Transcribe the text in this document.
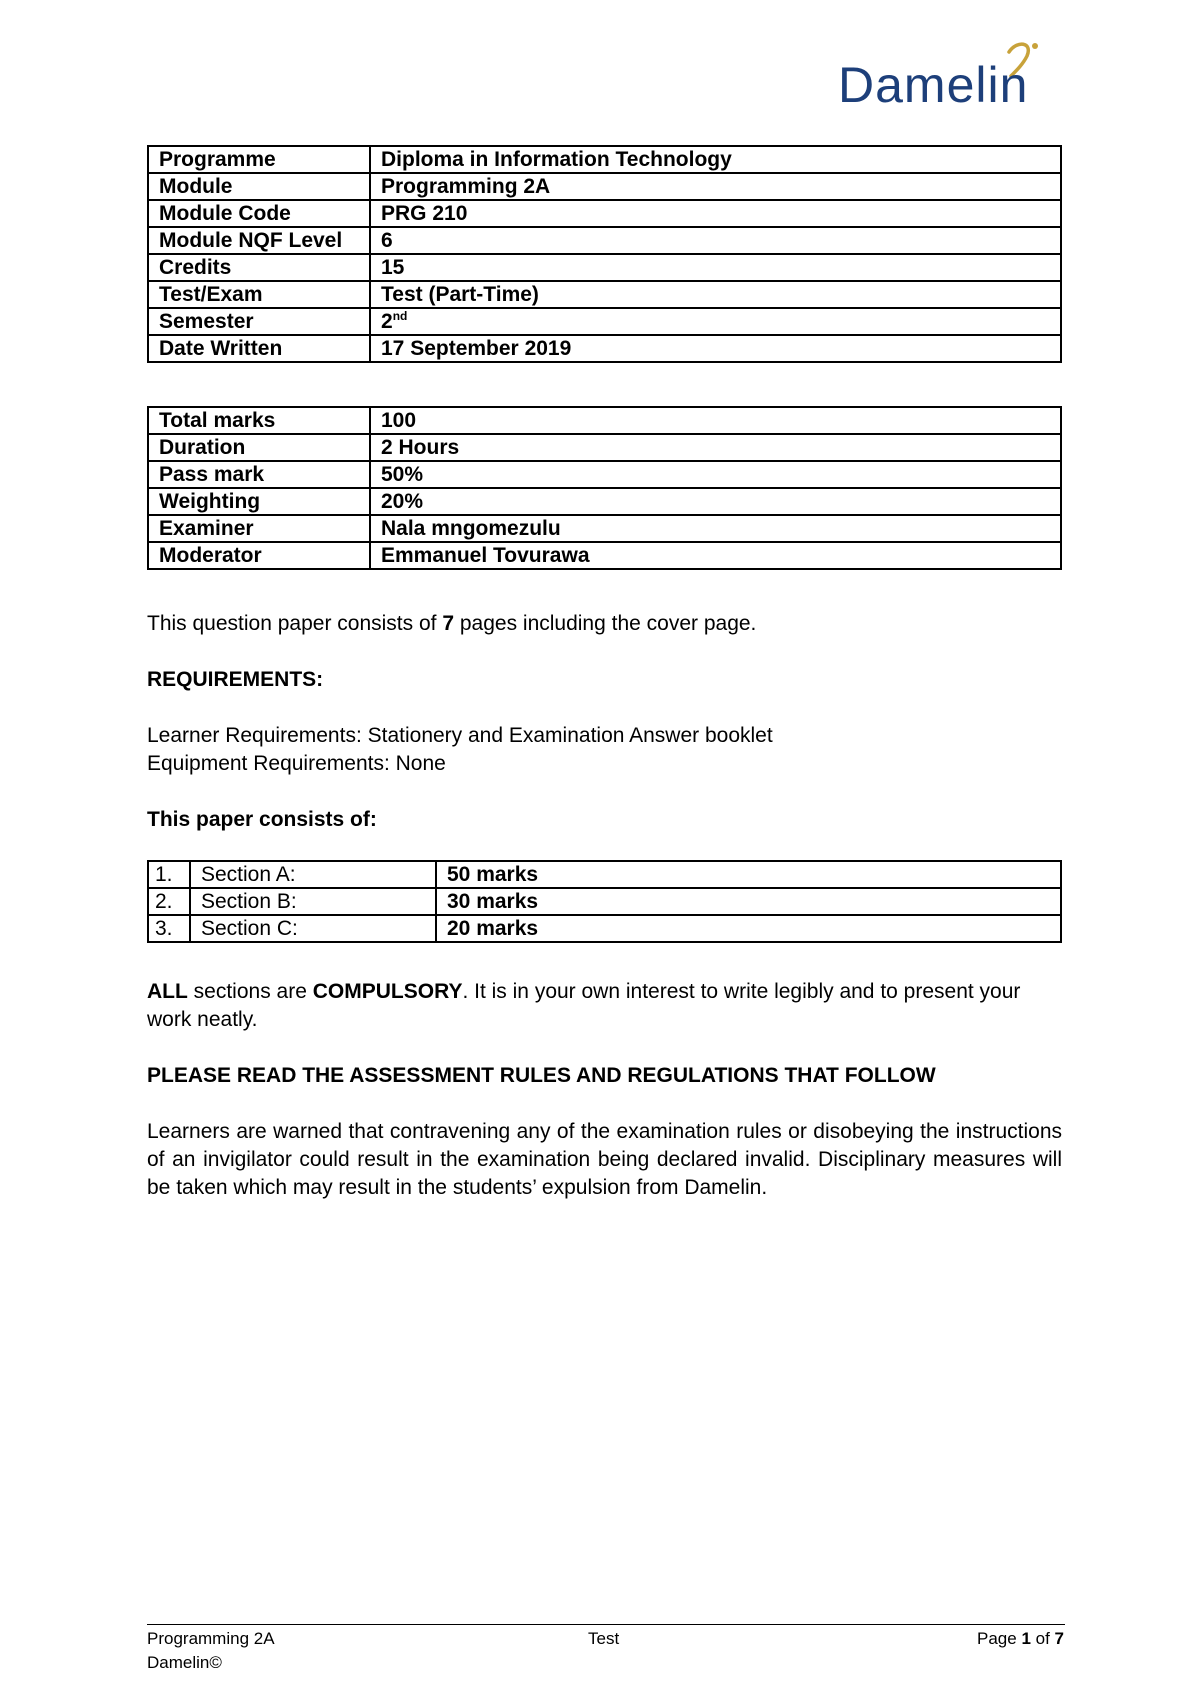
Damelin
Programme	Diploma in Information Technology
Module	Programming 2A
Module Code	PRG 210
Module NQF Level	6
Credits	15
Test/Exam	Test (Part-Time)
Semester	2nd
Date Written	17 September 2019
Total marks	100
Duration	2 Hours
Pass mark	50%
Weighting	20%
Examiner	Nala mngomezulu
Moderator	Emmanuel Tovurawa

This question paper consists of 7 pages including the cover page.

REQUIREMENTS:

Learner Requirements: Stationery and Examination Answer booklet

Equipment Requirements: None

This paper consists of:

1.	Section A:	50 marks
2.	Section B:	30 marks
3.	Section C:	20 marks

ALL sections are COMPULSORY. It is in your own interest to write legibly and to present your work neatly.

PLEASE READ THE ASSESSMENT RULES AND REGULATIONS THAT FOLLOW

Learners are warned that contravening any of the examination rules or disobeying the instructions of an invigilator could result in the examination being declared invalid. Disciplinary measures will be taken which may result in the students’ expulsion from Damelin.

Programming 2A
Damelin©
Test	Page 1 of 7
